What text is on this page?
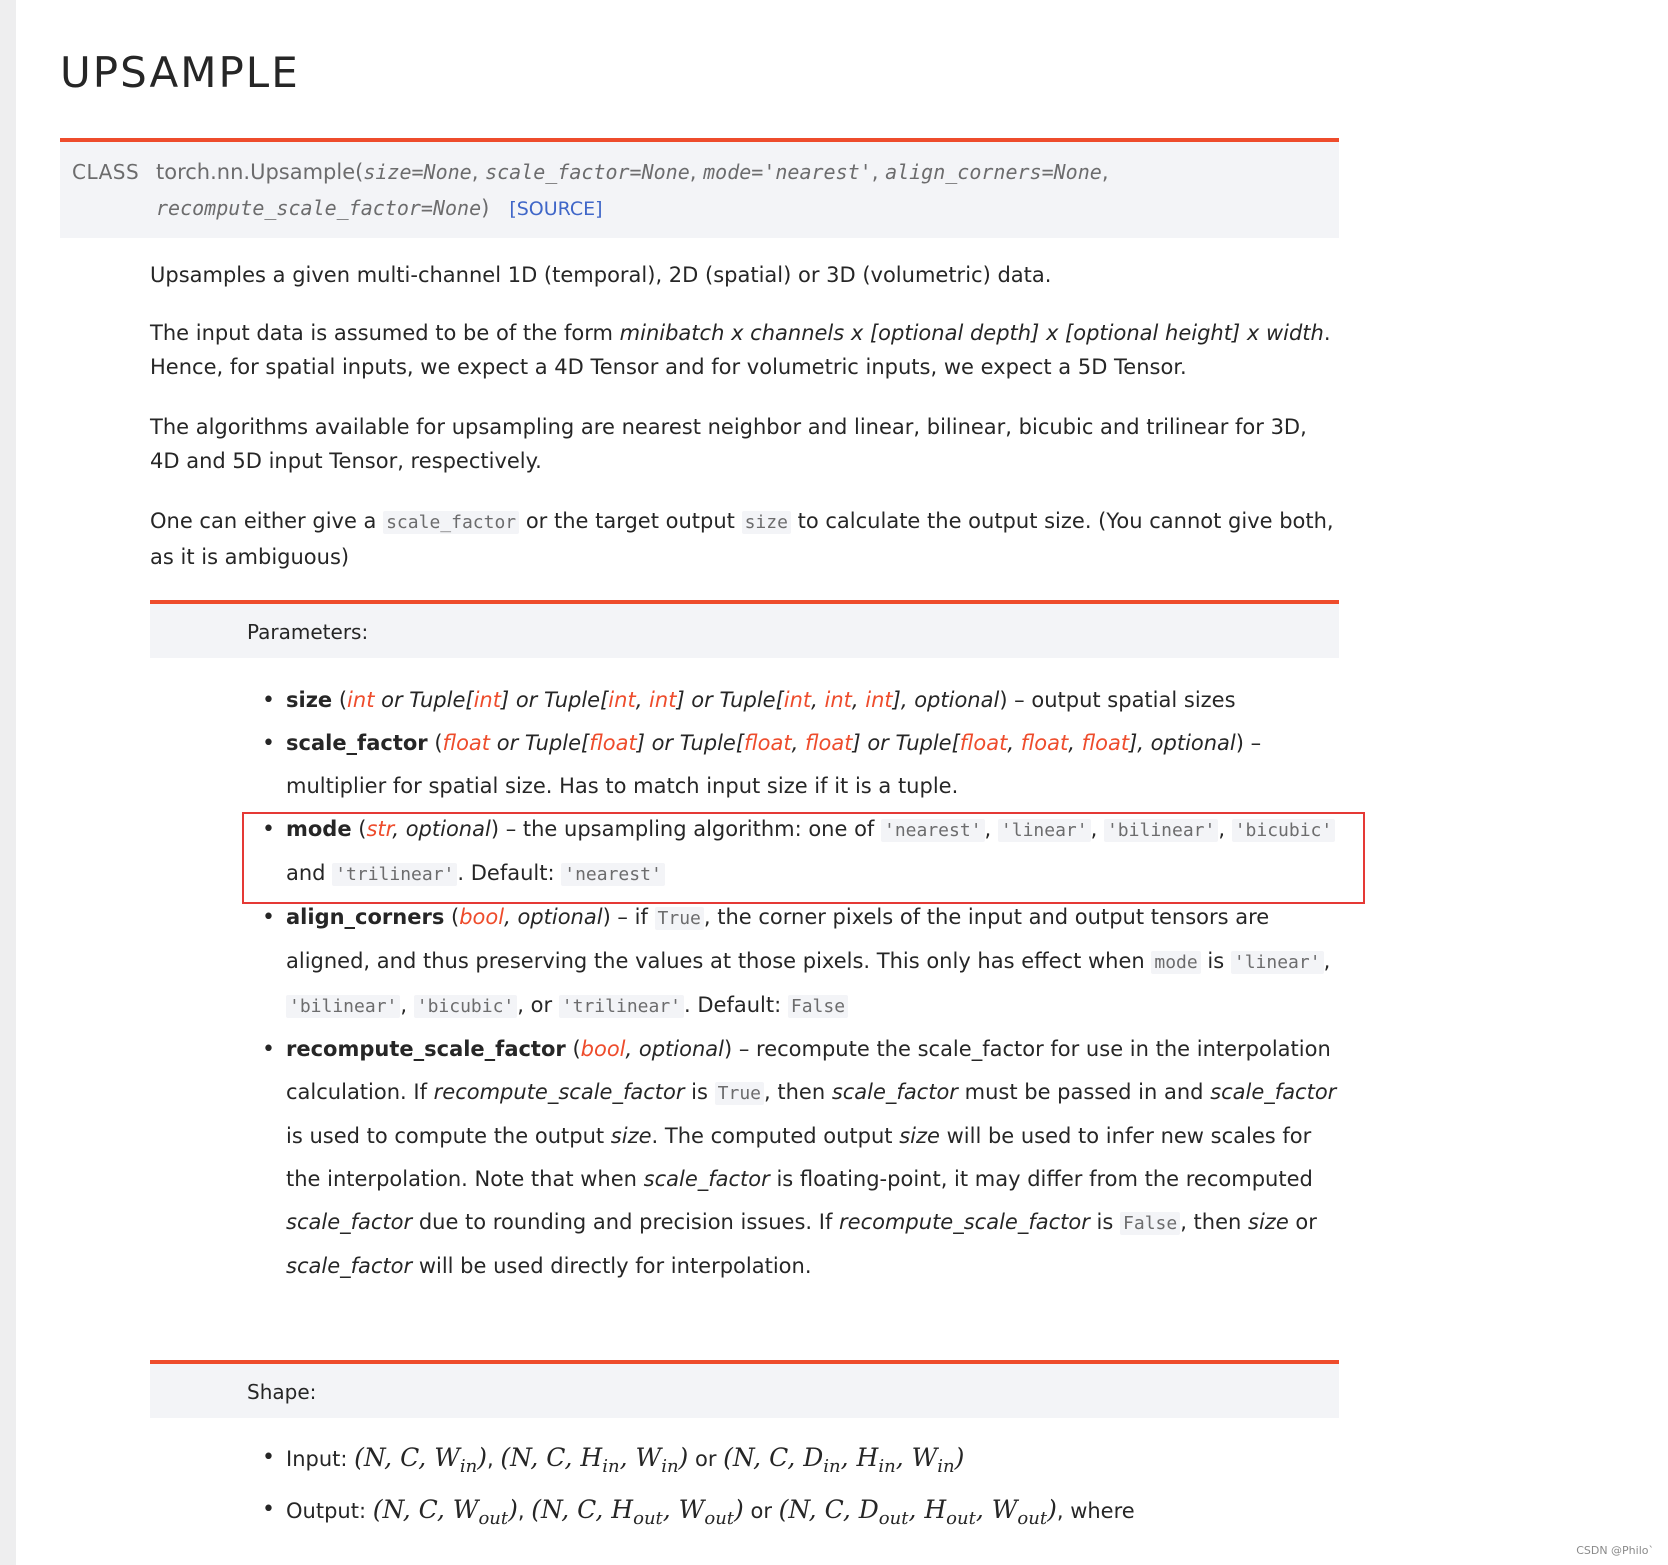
UPSAMPLE
CLASS torch.nn.Upsample(size=None, scale_factor=None, mode='nearest', align_corners=None,
recompute_scale_factor=None) [SOURCE]

Upsamples a given multi-channel 1D (temporal), 2D (spatial) or 3D (volumetric) data.

The input data is assumed to be of the form minibatch x channels x [optional depth] x [optional height] x width. Hence, for spatial inputs, we expect a 4D Tensor and for volumetric inputs, we expect a 5D Tensor.

The algorithms available for upsampling are nearest neighbor and linear, bilinear, bicubic and trilinear for 3D, 4D and 5D input Tensor, respectively.

One can either give a scale_factor or the target output size to calculate the output size. (You cannot give both, as it is ambiguous)

Parameters:
• size (int or Tuple[int] or Tuple[int, int] or Tuple[int, int, int], optional) – output spatial sizes
• scale_factor (float or Tuple[float] or Tuple[float, float] or Tuple[float, float, float], optional) – multiplier for spatial size. Has to match input size if it is a tuple.
• mode (str, optional) – the upsampling algorithm: one of 'nearest' , 'linear' , 'bilinear' , 'bicubic' and 'trilinear' . Default: 'nearest'
• align_corners (bool, optional) – if True , the corner pixels of the input and output tensors are aligned, and thus preserving the values at those pixels. This only has effect when mode is 'linear' , 'bilinear' , 'bicubic' , or 'trilinear' . Default: False
• recompute_scale_factor (bool, optional) – recompute the scale_factor for use in the interpolation calculation. If recompute_scale_factor is True , then scale_factor must be passed in and scale_factor is used to compute the output size. The computed output size will be used to infer new scales for the interpolation. Note that when scale_factor is floating-point, it may differ from the recomputed scale_factor due to rounding and precision issues. If recompute_scale_factor is False , then size or scale_factor will be used directly for interpolation.
Shape:
• Input: (N, C, $W_{in}$), (N, C, $H_{in}$, $W_{in}$) or (N, C, $D_{in}$, $H_{in}$, $W_{in}$)
• Output: (N, C, $W_{out}$), (N, C, $H_{out}$, $W_{out}$) or (N, C, $D_{out}$, $H_{out}$, $W_{out}$), where
CSDN @Philo`
